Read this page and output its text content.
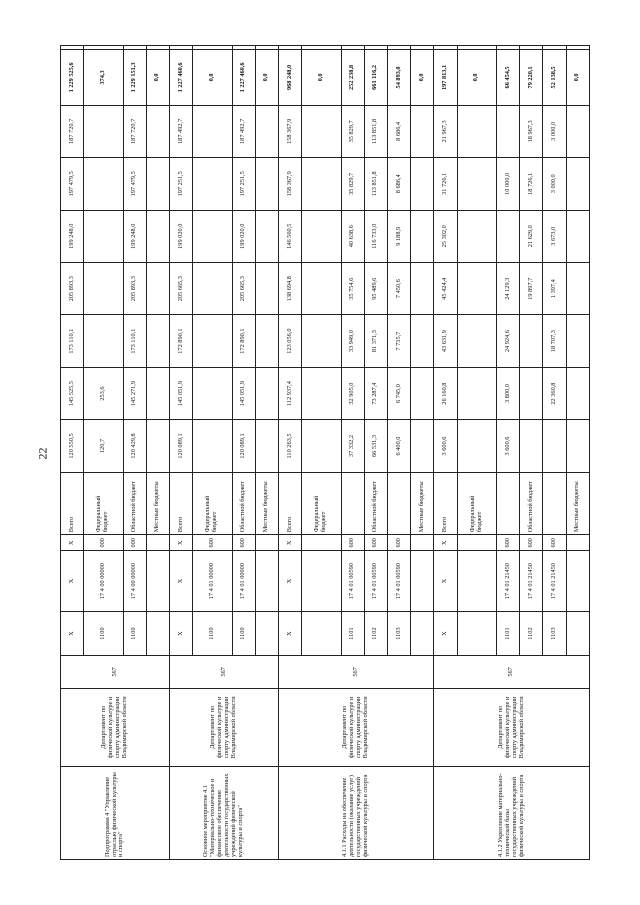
22
Подпрограмма 4 "Управление отраслью физической культуры и спорта"	Департамент по физической культуре и спорту администрации Владимирской области	567	X	X	X	Всего	120 550,5	145 525,5	173 110,1	205 893,3	199 248,0	197 479,5	187 720,7	1 229 525,6	
			1100	17 4 00 00000	000	Федеральный бюджет	120,7	253,6						374,3	
			1100	17 4 00 00000	000	Областной бюджет	120 429,8	145 271,9	173 110,1	205 893,3	199 248,0	197 479,5	187 720,7	1 229 151,3	
						Местные бюджеты								0,0	
Основное мероприятие 4.1 "Материально-техническое и финансовое обеспечение деятельности государственных учреждений физической культуры и спорта"	Департамент по физической культуре и спорту администрации Владимирской области	567	X	X	X	Всего	120 089,1	145 051,9	172 890,1	205 665,3	199 020,0	197 251,5	187 492,7	1 227 460,6	
			1100	17 4 01 00000	600	Федеральный бюджет								0,0	
			1100	17 4 01 00000	600	Областной бюджет	120 089,1	145 051,9	172 890,1	205 665,3	199 020,0	197 251,5	187 492,7	1 227 460,6	
						Местные бюджеты								0,0	
4.1.1 Расходы на обеспечение деятельности (оказание услуг) государственных учреждений физической культуры и спорта	Департамент по физической культуре и спорту администрации Владимирской области	567	X	X	X	Всего	110 263,5	112 937,4	123 056,0	138 694,8	146 560,5	158 367,9	158 367,9	968 248,0	
						Федеральный бюджет								0,0	
			1101	17 4 01 00590	600		37 332,2	32 905,0	33 949,0	35 754,6	40 638,6	35 829,7	35 829,7	252 238,8	
			1102	17 4 01 00590	600	Областной бюджет	66 531,3	73 287,4	81 371,3	95 489,6	116 733,0	113 851,8	113 851,8	661 116,2	
			1103	17 4 01 00590	600		6 400,0	6 745,0	7 735,7	7 450,6	9 188,9	8 686,4	8 686,4	54 893,0	
						Местные бюджеты								0,0	
4.1.2 Укрепление материально-технической базы государственных учреждений физической культуры и спорта	Департамент по физической культуре и спорту администрации Владимирской области	567	X	X	X	Всего	3 600,6	26 160,8	43 631,9	45 424,4	25 302,0	31 726,1	21 967,3	197 813,1	
						Федеральный бюджет								0,0	
			1101	17 4 01 21450	600		3 600,6	3 800,0	24 924,6	24 129,3		10 000,0		66 454,5	
			1102	17 4 01 21450	600	Областной бюджет				19 897,7	21 629,0	18 726,1	18 967,3	79 220,1	
			1103	17 4 01 21450	600			22 360,8	18 707,3	1 397,4	3 673,0	3 000,0	3 000,0	52 138,5	
						Местные бюджеты								0,0	
